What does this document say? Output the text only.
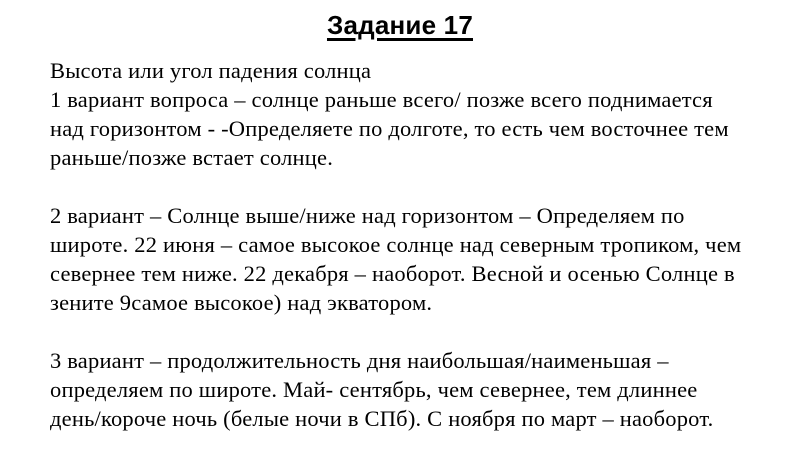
Задание 17
Высота или угол падения солнца
1 вариант вопроса – солнце раньше всего/ позже всего поднимается
над горизонтом - -Определяете по долготе, то есть чем восточнее тем
раньше/позже встает солнце.
2 вариант – Солнце выше/ниже над горизонтом – Определяем по
широте. 22 июня – самое высокое солнце над северным тропиком, чем
севернее тем ниже. 22 декабря – наоборот. Весной и осенью Солнце в
зените 9самое высокое) над экватором.
3 вариант – продолжительность дня наибольшая/наименьшая –
определяем по широте. Май- сентябрь, чем севернее, тем длиннее
день/короче ночь (белые ночи в СПб). С ноября по март – наоборот.
